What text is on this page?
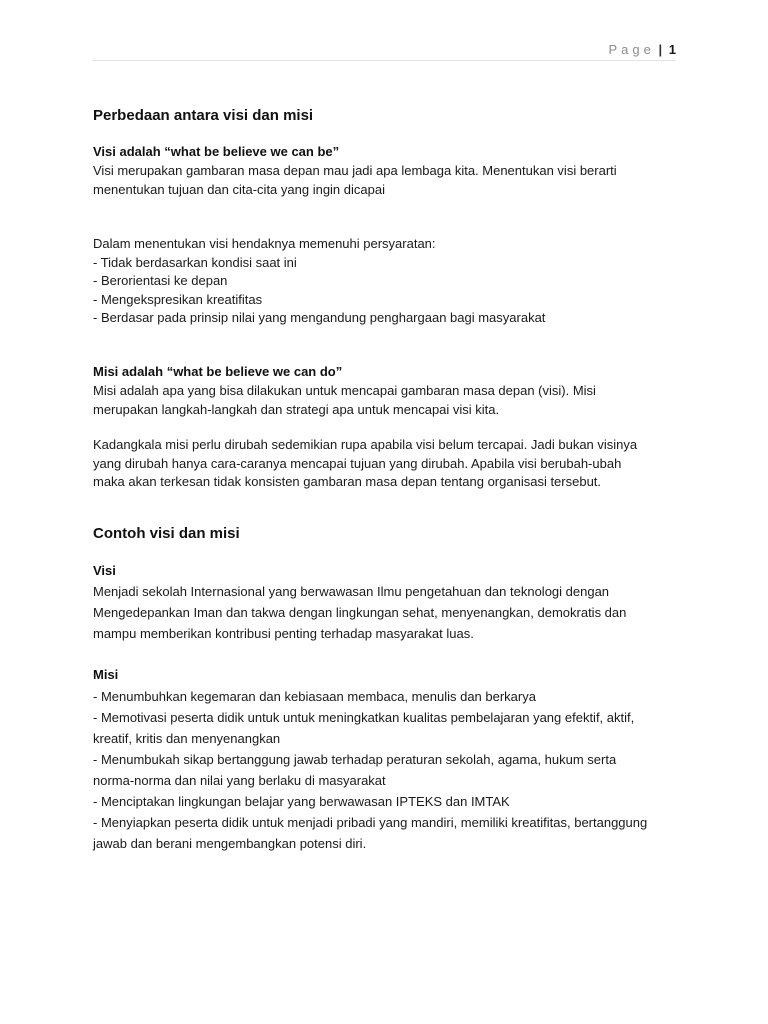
Page | 1
Perbedaan antara visi dan misi
Visi adalah “what be believe we can be”
Visi merupakan gambaran masa depan mau jadi apa lembaga kita. Menentukan visi berarti
menentukan tujuan dan cita-cita yang ingin dicapai
Dalam menentukan visi hendaknya memenuhi persyaratan:
- Tidak berdasarkan kondisi saat ini
- Berorientasi ke depan
- Mengekspresikan kreatifitas
- Berdasar pada prinsip nilai yang mengandung penghargaan bagi masyarakat
Misi adalah “what be believe we can do”
Misi adalah apa yang bisa dilakukan untuk mencapai gambaran masa depan (visi). Misi
merupakan langkah-langkah dan strategi apa untuk mencapai visi kita.
Kadangkala misi perlu dirubah sedemikian rupa apabila visi belum tercapai. Jadi bukan visinya
yang dirubah hanya cara-caranya mencapai tujuan yang dirubah. Apabila visi berubah-ubah
maka akan terkesan tidak konsisten gambaran masa depan tentang organisasi tersebut.
Contoh visi dan misi
Visi
Menjadi sekolah Internasional yang berwawasan Ilmu pengetahuan dan teknologi dengan
Mengedepankan Iman dan takwa dengan lingkungan sehat, menyenangkan, demokratis dan
mampu memberikan kontribusi penting terhadap masyarakat luas.
Misi
- Menumbuhkan kegemaran dan kebiasaan membaca, menulis dan berkarya
- Memotivasi peserta didik untuk untuk meningkatkan kualitas pembelajaran yang efektif, aktif,
kreatif, kritis dan menyenangkan
- Menumbukah sikap bertanggung jawab terhadap peraturan sekolah, agama, hukum serta
norma-norma dan nilai yang berlaku di masyarakat
- Menciptakan lingkungan belajar yang berwawasan IPTEKS dan IMTAK
- Menyiapkan peserta didik untuk menjadi pribadi yang mandiri, memiliki kreatifitas, bertanggung
jawab dan berani mengembangkan potensi diri.
